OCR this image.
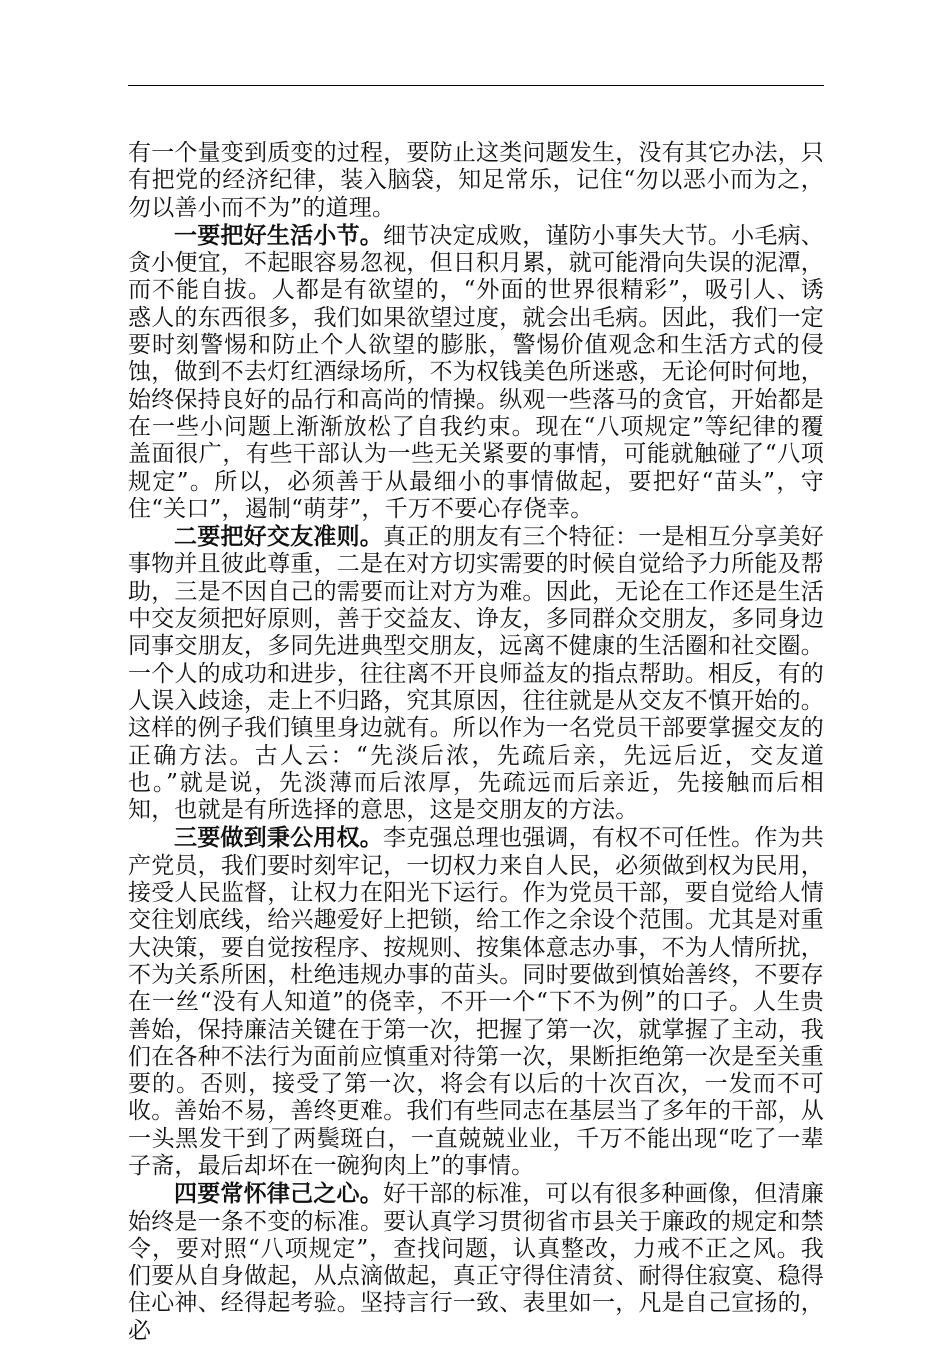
有一个量变到质变的过程，要防止这类问题发生，没有其它办法，只有把党的经济纪律，装入脑袋，知足常乐，记住“勿以恶小而为之，勿以善小而不为”的道理。

一要把好生活小节。细节决定成败，谨防小事失大节。小毛病、贪小便宜，不起眼容易忽视，但日积月累，就可能滑向失误的泥潭，而不能自拔。人都是有欲望的，“外面的世界很精彩”，吸引人、诱惑人的东西很多，我们如果欲望过度，就会出毛病。因此，我们一定要时刻警惕和防止个人欲望的膨胀，警惕价值观念和生活方式的侵蚀，做到不去灯红酒绿场所，不为权钱美色所迷惑，无论何时何地，始终保持良好的品行和高尚的情操。纵观一些落马的贪官，开始都是在一些小问题上渐渐放松了自我约束。现在“八项规定”等纪律的覆盖面很广，有些干部认为一些无关紧要的事情，可能就触碰了“八项规定”。所以，必须善于从最细小的事情做起，要把好“苗头”，守住“关口”，遏制“萌芽”，千万不要心存侥幸。

二要把好交友准则。真正的朋友有三个特征：一是相互分享美好事物并且彼此尊重，二是在对方切实需要的时候自觉给予力所能及帮助，三是不因自己的需要而让对方为难。因此，无论在工作还是生活中交友须把好原则，善于交益友、诤友，多同群众交朋友，多同身边同事交朋友，多同先进典型交朋友，远离不健康的生活圈和社交圈。一个人的成功和进步，往往离不开良师益友的指点帮助。相反，有的人误入歧途，走上不归路，究其原因，往往就是从交友不慎开始的。这样的例子我们镇里身边就有。所以作为一名党员干部要掌握交友的正确方法。古人云：“先淡后浓，先疏后亲，先远后近，交友道也。”就是说，先淡薄而后浓厚，先疏远而后亲近，先接触而后相知，也就是有所选择的意思，这是交朋友的方法。

三要做到秉公用权。李克强总理也强调，有权不可任性。作为共产党员，我们要时刻牢记，一切权力来自人民，必须做到权为民用，接受人民监督，让权力在阳光下运行。作为党员干部，要自觉给人情交往划底线，给兴趣爱好上把锁，给工作之余设个范围。尤其是对重大决策，要自觉按程序、按规则、按集体意志办事，不为人情所扰，不为关系所困，杜绝违规办事的苗头。同时要做到慎始善终，不要存在一丝“没有人知道”的侥幸，不开一个“下不为例”的口子。人生贵善始，保持廉洁关键在于第一次，把握了第一次，就掌握了主动，我们在各种不法行为面前应慎重对待第一次，果断拒绝第一次是至关重要的。否则，接受了第一次，将会有以后的十次百次，一发而不可收。善始不易，善终更难。我们有些同志在基层当了多年的干部，从一头黑发干到了两鬓斑白，一直兢兢业业，千万不能出现“吃了一辈子斋，最后却坏在一碗狗肉上”的事情。

四要常怀律己之心。好干部的标准，可以有很多种画像，但清廉始终是一条不变的标准。要认真学习贯彻省市县关于廉政的规定和禁令，要对照“八项规定”，查找问题，认真整改，力戒不正之风。我们要从自身做起，从点滴做起，真正守得住清贫、耐得住寂寞、稳得住心神、经得起考验。坚持言行一致、表里如一，凡是自己宣扬的，必
